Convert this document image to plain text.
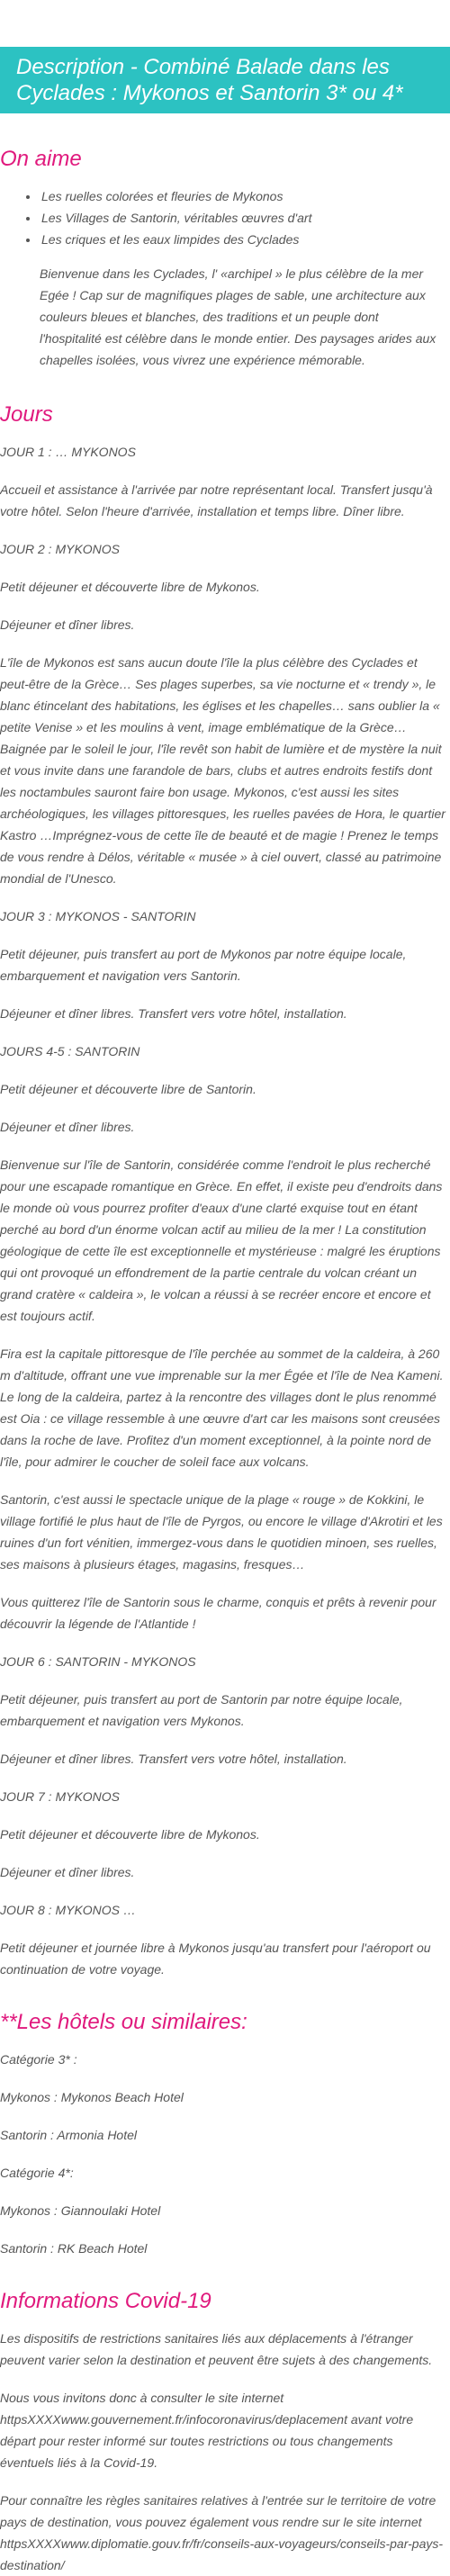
Description - Combiné Balade dans les Cyclades : Mykonos et Santorin 3* ou 4*
On aime
• Les ruelles colorées et fleuries de Mykonos
• Les Villages de Santorin, véritables œuvres d'art
• Les criques et les eaux limpides des Cyclades

Bienvenue dans les Cyclades, l' «archipel » le plus célèbre de la mer Egée ! Cap sur de magnifiques plages de sable, une architecture aux couleurs bleues et blanches, des traditions et un peuple dont l'hospitalité est célèbre dans le monde entier. Des paysages arides aux chapelles isolées, vous vivrez une expérience mémorable.

Jours

JOUR 1 : … MYKONOS

Accueil et assistance à l'arrivée par notre représentant local. Transfert jusqu'à votre hôtel. Selon l'heure d'arrivée, installation et temps libre. Dîner libre.

JOUR 2 : MYKONOS

Petit déjeuner et découverte libre de Mykonos.

Déjeuner et dîner libres.

L'île de Mykonos est sans aucun doute l'île la plus célèbre des Cyclades et peut-être de la Grèce… Ses plages superbes, sa vie nocturne et « trendy », le blanc étincelant des habitations, les églises et les chapelles… sans oublier la « petite Venise » et les moulins à vent, image emblématique de la Grèce… Baignée par le soleil le jour, l'île revêt son habit de lumière et de mystère la nuit et vous invite dans une farandole de bars, clubs et autres endroits festifs dont les noctambules sauront faire bon usage. Mykonos, c'est aussi les sites archéologiques, les villages pittoresques, les ruelles pavées de Hora, le quartier Kastro …Imprégnez-vous de cette île de beauté et de magie ! Prenez le temps de vous rendre à Délos, véritable « musée » à ciel ouvert, classé au patrimoine mondial de l'Unesco.

JOUR 3 : MYKONOS - SANTORIN

Petit déjeuner, puis transfert au port de Mykonos par notre équipe locale, embarquement et navigation vers Santorin.

Déjeuner et dîner libres. Transfert vers votre hôtel, installation.

JOURS 4-5 : SANTORIN

Petit déjeuner et découverte libre de Santorin.

Déjeuner et dîner libres.

Bienvenue sur l'île de Santorin, considérée comme l'endroit le plus recherché pour une escapade romantique en Grèce. En effet, il existe peu d'endroits dans le monde où vous pourrez profiter d'eaux d'une clarté exquise tout en étant perché au bord d'un énorme volcan actif au milieu de la mer ! La constitution géologique de cette île est exceptionnelle et mystérieuse : malgré les éruptions qui ont provoqué un effondrement de la partie centrale du volcan créant un grand cratère « caldeira », le volcan a réussi à se recréer encore et encore et est toujours actif.

Fira est la capitale pittoresque de l'île perchée au sommet de la caldeira, à 260 m d'altitude, offrant une vue imprenable sur la mer Égée et l'île de Nea Kameni. Le long de la caldeira, partez à la rencontre des villages dont le plus renommé est Oia : ce village ressemble à une œuvre d'art car les maisons sont creusées dans la roche de lave. Profitez d'un moment exceptionnel, à la pointe nord de l'île, pour admirer le coucher de soleil face aux volcans.

Santorin, c'est aussi le spectacle unique de la plage « rouge » de Kokkini, le village fortifié le plus haut de l'île de Pyrgos, ou encore le village d'Akrotiri et les ruines d'un fort vénitien, immergez-vous dans le quotidien minoen, ses ruelles, ses maisons à plusieurs étages, magasins, fresques…

Vous quitterez l'île de Santorin sous le charme, conquis et prêts à revenir pour découvrir la légende de l'Atlantide !

JOUR 6 : SANTORIN - MYKONOS

Petit déjeuner, puis transfert au port de Santorin par notre équipe locale, embarquement et navigation vers Mykonos.

Déjeuner et dîner libres. Transfert vers votre hôtel, installation.

JOUR 7 : MYKONOS

Petit déjeuner et découverte libre de Mykonos.

Déjeuner et dîner libres.

JOUR 8 : MYKONOS …

Petit déjeuner et journée libre à Mykonos jusqu'au transfert pour l'aéroport ou continuation de votre voyage.

**Les hôtels ou similaires:

Catégorie 3* :

Mykonos : Mykonos Beach Hotel

Santorin : Armonia Hotel

Catégorie 4*:

Mykonos : Giannoulaki Hotel

Santorin : RK Beach Hotel

Informations Covid-19

Les dispositifs de restrictions sanitaires liés aux déplacements à l'étranger peuvent varier selon la destination et peuvent être sujets à des changements.

Nous vous invitons donc à consulter le site internet httpsXXXXwww.gouvernement.fr/infocoronavirus/deplacement avant votre départ pour rester informé sur toutes restrictions ou tous changements éventuels liés à la Covid-19.

Pour connaître les règles sanitaires relatives à l'entrée sur le territoire de votre pays de destination, vous pouvez également vous rendre sur le site internet httpsXXXXwww.diplomatie.gouv.fr/fr/conseils-aux-voyageurs/conseils-par-pays-destination/
